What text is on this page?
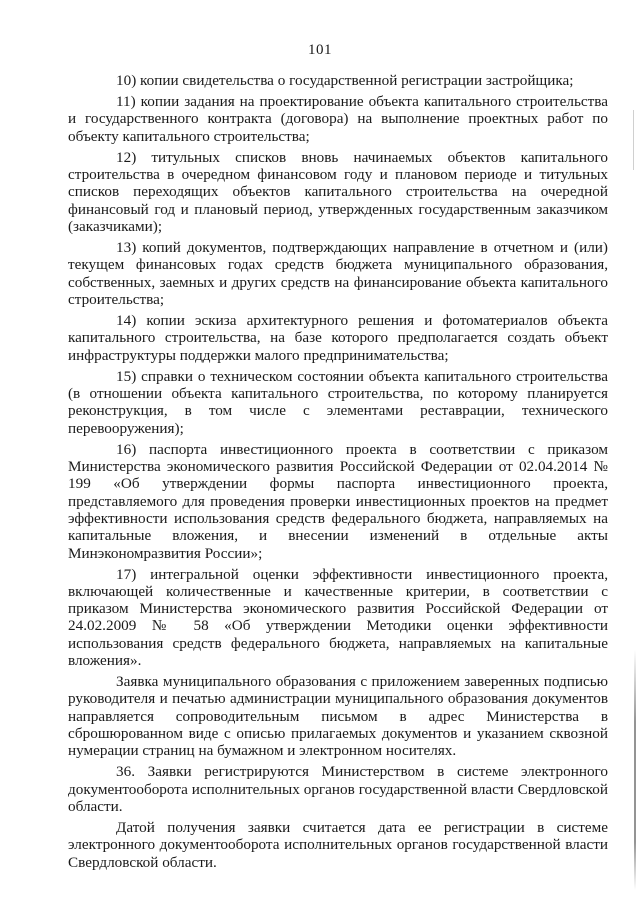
101

10) копии свидетельства о государственной регистрации застройщика;

11) копии задания на проектирование объекта капитального строительства и государственного контракта (договора) на выполнение проектных работ по объекту капитального строительства;

12) титульных списков вновь начинаемых объектов капитального строительства в очередном финансовом году и плановом периоде и титульных списков переходящих объектов капитального строительства на очередной финансовый год и плановый период, утвержденных государственным заказчиком (заказчиками);

13) копий документов, подтверждающих направление в отчетном и (или) текущем финансовых годах средств бюджета муниципального образования, собственных, заемных и других средств на финансирование объекта капитального строительства;

14) копии эскиза архитектурного решения и фотоматериалов объекта капитального строительства, на базе которого предполагается создать объект инфраструктуры поддержки малого предпринимательства;

15) справки о техническом состоянии объекта капитального строительства (в отношении объекта капитального строительства, по которому планируется реконструкция, в том числе с элементами реставрации, технического перевооружения);

16) паспорта инвестиционного проекта в соответствии с приказом Министерства экономического развития Российской Федерации от 02.04.2014 № 199 «Об утверждении формы паспорта инвестиционного проекта, представляемого для проведения проверки инвестиционных проектов на предмет эффективности использования средств федерального бюджета, направляемых на капитальные вложения, и внесении изменений в отдельные акты Минэкономразвития России»;

17) интегральной оценки эффективности инвестиционного проекта, включающей количественные и качественные критерии, в соответствии с приказом Министерства экономического развития Российской Федерации от 24.02.2009 № 58 «Об утверждении Методики оценки эффективности использования средств федерального бюджета, направляемых на капитальные вложения».

Заявка муниципального образования с приложением заверенных подписью руководителя и печатью администрации муниципального образования документов направляется сопроводительным письмом в адрес Министерства в сброшюрованном виде с описью прилагаемых документов и указанием сквозной нумерации страниц на бумажном и электронном носителях.

36. Заявки регистрируются Министерством в системе электронного документооборота исполнительных органов государственной власти Свердловской области.

Датой получения заявки считается дата ее регистрации в системе электронного документооборота исполнительных органов государственной власти Свердловской области.
